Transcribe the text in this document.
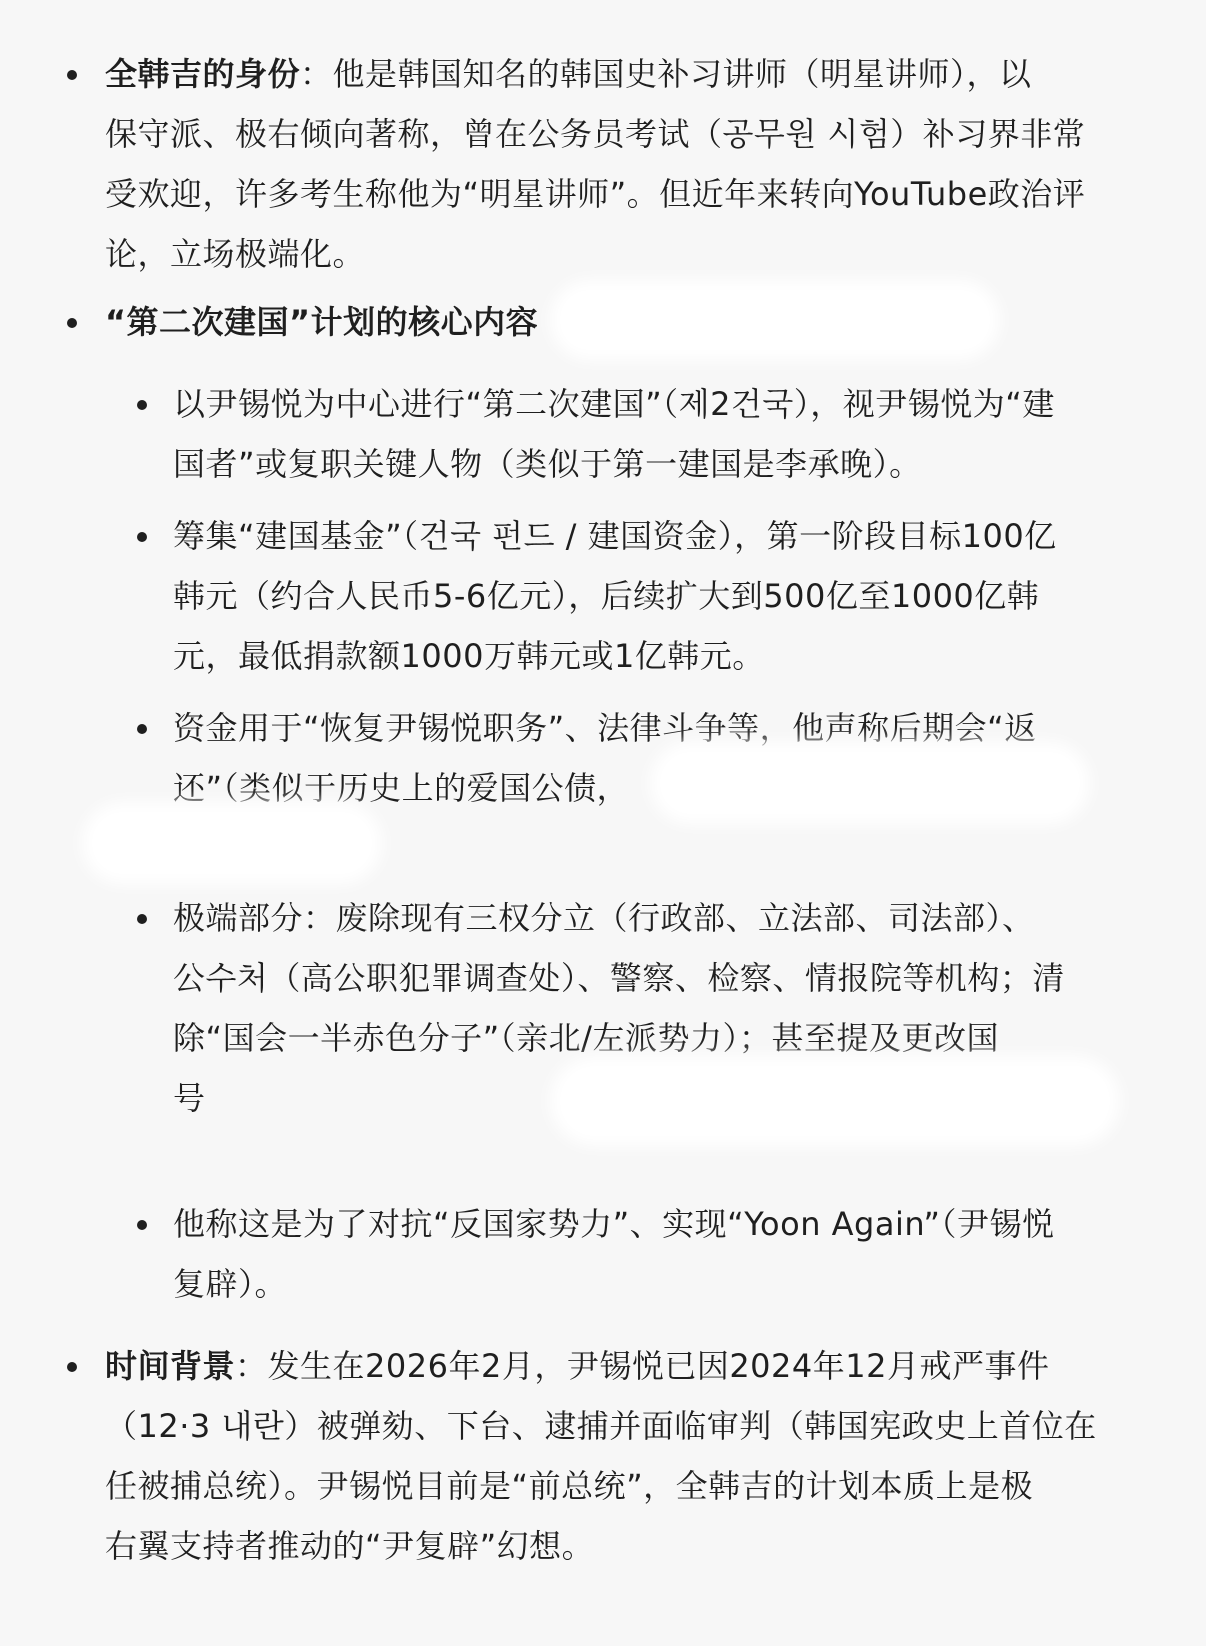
全韩吉的身份：他是韩国知名的韩国史补习讲师（明星讲师），以
保守派、极右倾向著称，曾在公务员考试（공무원 시험）补习界非常
受欢迎，许多考生称他为“明星讲师”。但近年来转向YouTube政治评
论，立场极端化。
“第二次建国”计划的核心内容
以尹锡悦为中心进行“第二次建国”（제2건국），视尹锡悦为“建
国者”或复职关键人物（类似于第一建国是李承晚）。
筹集“建国基金”（건국 펀드 / 建国资金），第一阶段目标100亿
韩元（约合人民币5-6亿元），后续扩大到500亿至1000亿韩
元，最低捐款额1000万韩元或1亿韩元。
资金用于“恢复尹锡悦职务”、法律斗争等，他声称后期会“返
还”（类似于历史上的爱国公债，
极端部分：废除现有三权分立（行政部、立法部、司法部）、
公수처（高公职犯罪调查处）、警察、检察、情报院等机构；清
除“国会一半赤色分子”（亲北/左派势力）；甚至提及更改国
号
他称这是为了对抗“反国家势力”、实现“Yoon Again”（尹锡悦
复辟）。
时间背景：发生在2026年2月，尹锡悦已因2024年12月戒严事件
（12·3 내란）被弹劾、下台、逮捕并面临审判（韩国宪政史上首位在
任被捕总统）。尹锡悦目前是“前总统”，全韩吉的计划本质上是极
右翼支持者推动的“尹复辟”幻想。
